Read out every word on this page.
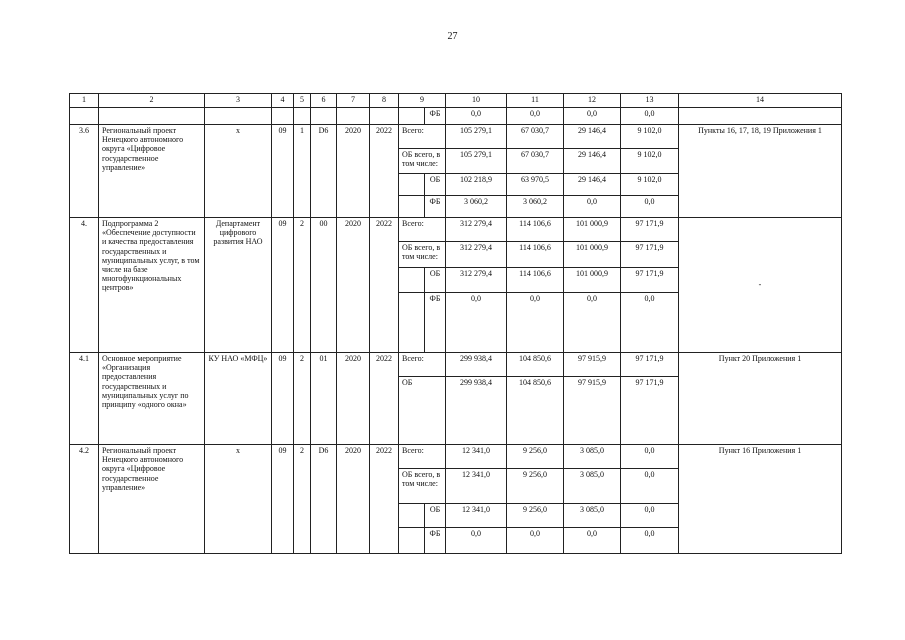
27
1	2	3	4	5	6	7	8	9		10	11	12	13	14
									ФБ	0,0	0,0	0,0	0,0	
3.6	Региональный проект Ненецкого автономного округа «Цифровое государственное управление»	х	09	1	D6	2020	2022	Всего:		105 279,1	67 030,7	29 146,4	9 102,0	Пункты 16, 17, 18, 19 Приложения 1
								ОБ всего, в том числе:		105 279,1	67 030,7	29 146,4	9 102,0	
									ОБ	102 218,9	63 970,5	29 146,4	9 102,0	
									ФБ	3 060,2	3 060,2	0,0	0,0	
4.	Подпрограмма 2 «Обеспечение доступности и качества предоставления государственных и муниципальных услуг, в том числе на базе многофункциональных центров»	Департамент цифрового развития НАО	09	2	00	2020	2022	Всего:		312 279,4	114 106,6	101 000,9	97 171,9	-
								ОБ всего, в том числе:		312 279,4	114 106,6	101 000,9	97 171,9	
									ОБ	312 279,4	114 106,6	101 000,9	97 171,9	
									ФБ	0,0	0,0	0,0	0,0	
4.1	Основное мероприятие «Организация предоставления государственных и муниципальных услуг по принципу «одного окна»	КУ НАО «МФЦ»	09	2	01	2020	2022	Всего:		299 938,4	104 850,6	97 915,9	97 171,9	Пункт 20 Приложения 1
								ОБ		299 938,4	104 850,6	97 915,9	97 171,9	
4.2	Региональный проект Ненецкого автономного округа «Цифровое государственное управление»	х	09	2	D6	2020	2022	Всего:		12 341,0	9 256,0	3 085,0	0,0	Пункт 16 Приложения 1
								ОБ всего, в том числе:		12 341,0	9 256,0	3 085,0	0,0	
									ОБ	12 341,0	9 256,0	3 085,0	0,0	
									ФБ	0,0	0,0	0,0	0,0	
